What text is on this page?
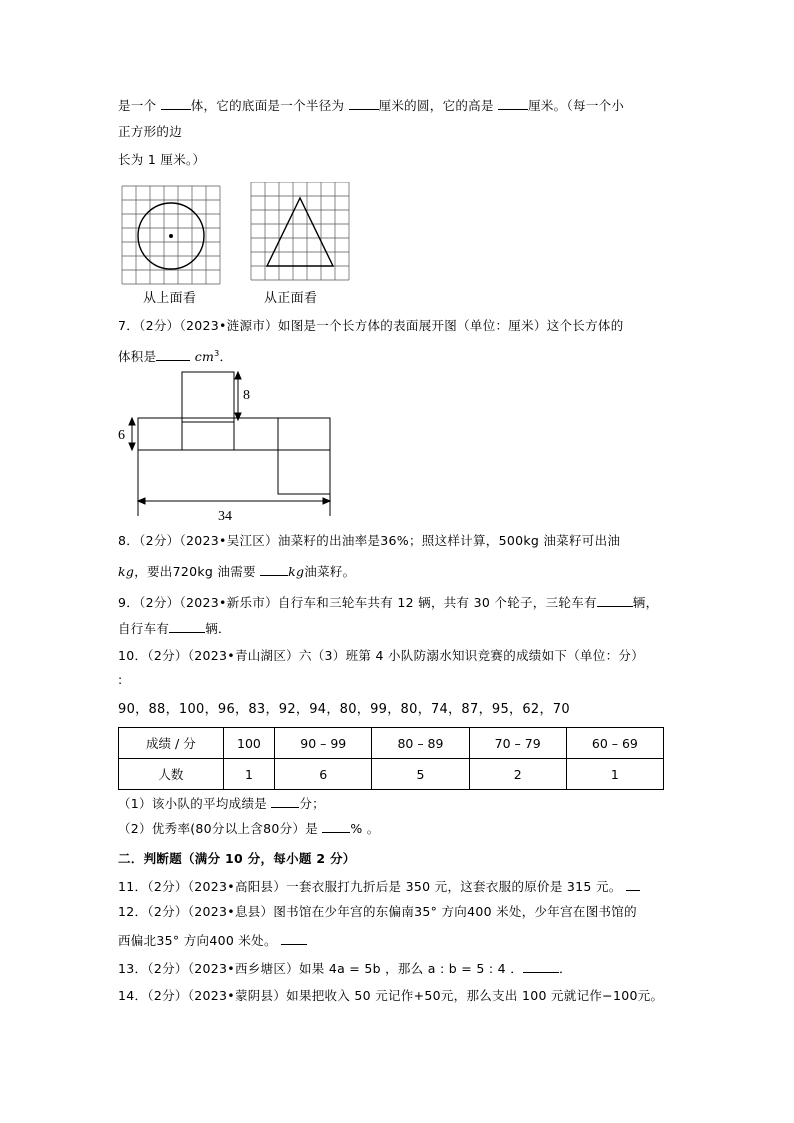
是一个	体，它的底面是一个半径为	厘米的圆，它的高是	厘米。（每一个小
正方形的边
长为 1 厘米。）
从上面看	从正面看
7．（2分）（2023•涟源市）如图是一个长方体的表面展开图（单位：厘米）这个长方体的
体积是	$cm^3$．
8
6
34
8．（2分）（2023•吴江区）油菜籽的出油率是36%；照这样计算，500kg 油菜籽可出油
kg，要出720kg 油需要	kg油菜籽。
9．（2分）（2023•新乐市）自行车和三轮车共有 12 辆，共有 30 个轮子，三轮车有	辆，
自行车有	辆．
10．（2分）（2023•青山湖区）六（3）班第 4 小队防溺水知识竞赛的成绩如下（单位：分）
:
90，88，100，96，83，92，94，80，99，80，74，87，95，62，70
成绩 / 分	100	90 – 99	80 – 89	70 – 79	60 – 69
人数	1	6	5	2	1
（1）该小队的平均成绩是	分；
（2）优秀率(80分以上含80分）是	% 。
二．判断题（满分 10 分，每小题 2 分）
11．（2分）（2023•高阳县）一套衣服打九折后是 350 元，这套衣服的原价是 315 元。
12．（2分）（2023•息县）图书馆在少年宫的东偏南35° 方向400 米处，少年宫在图书馆的
西偏北35° 方向400 米处。
13．（2分）（2023•西乡塘区）如果 4a = 5b ，那么 a : b = 5 : 4 ．	．
14．（2分）（2023•蒙阴县）如果把收入 50 元记作+50元，那么支出 100 元就记作−100元。
